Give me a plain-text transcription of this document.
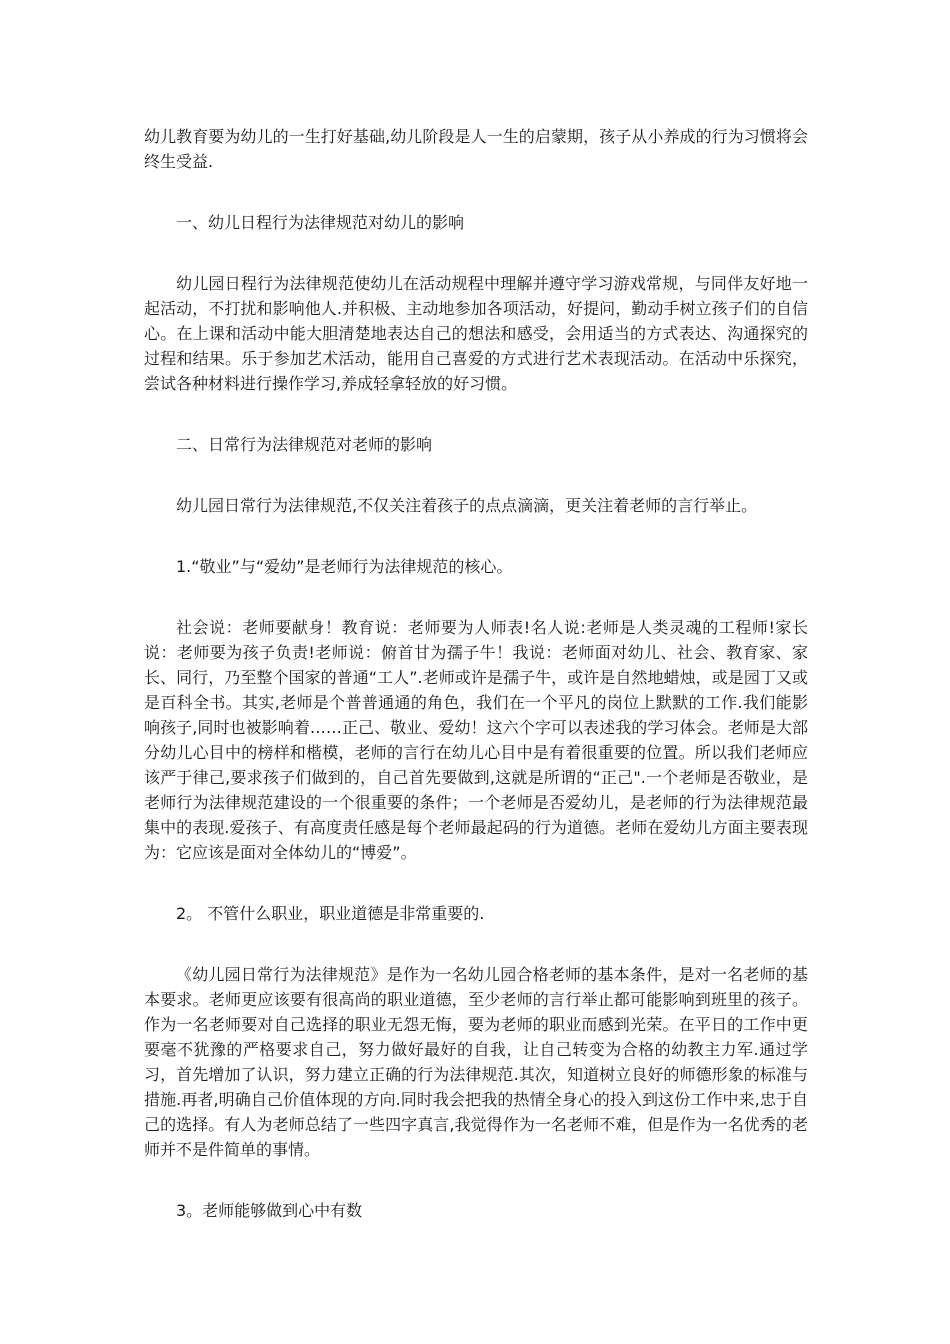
幼儿教育要为幼儿的一生打好基础,幼儿阶段是人一生的启蒙期，孩子从小养成的行为习惯将会终生受益.

一、幼儿日程行为法律规范对幼儿的影响

幼儿园日程行为法律规范使幼儿在活动规程中理解并遵守学习游戏常规，与同伴友好地一起活动，不打扰和影响他人.并积极、主动地参加各项活动，好提问，勤动手树立孩子们的自信心。在上课和活动中能大胆清楚地表达自己的想法和感受，会用适当的方式表达、沟通探究的过程和结果。乐于参加艺术活动，能用自己喜爱的方式进行艺术表现活动。在活动中乐探究，尝试各种材料进行操作学习,养成轻拿轻放的好习惯。

二、日常行为法律规范对老师的影响

幼儿园日常行为法律规范,不仅关注着孩子的点点滴滴，更关注着老师的言行举止。

1.“敬业”与“爱幼”是老师行为法律规范的核心。

社会说：老师要献身！教育说：老师要为人师表!名人说:老师是人类灵魂的工程师!家长说：老师要为孩子负责!老师说：俯首甘为孺子牛！我说：老师面对幼儿、社会、教育家、家长、同行，乃至整个国家的普通“工人”.老师或许是孺子牛，或许是自然地蜡烛，或是园丁又或是百科全书。其实,老师是个普普通通的角色，我们在一个平凡的岗位上默默的工作.我们能影响孩子,同时也被影响着……正己、敬业、爱幼！这六个字可以表述我的学习体会。老师是大部分幼儿心目中的榜样和楷模，老师的言行在幼儿心目中是有着很重要的位置。所以我们老师应该严于律己,要求孩子们做到的，自己首先要做到,这就是所谓的“正己".一个老师是否敬业，是老师行为法律规范建设的一个很重要的条件；一个老师是否爱幼儿，是老师的行为法律规范最集中的表现.爱孩子、有高度责任感是每个老师最起码的行为道德。老师在爱幼儿方面主要表现为：它应该是面对全体幼儿的“博爱”。

2。 不管什么职业，职业道德是非常重要的.

《幼儿园日常行为法律规范》是作为一名幼儿园合格老师的基本条件，是对一名老师的基本要求。老师更应该要有很高尚的职业道德，至少老师的言行举止都可能影响到班里的孩子。作为一名老师要对自己选择的职业无怨无悔，要为老师的职业而感到光荣。在平日的工作中更要毫不犹豫的严格要求自己，努力做好最好的自我，让自己转变为合格的幼教主力军.通过学习，首先增加了认识，努力建立正确的行为法律规范.其次，知道树立良好的师德形象的标准与措施.再者,明确自己价值体现的方向.同时我会把我的热情全身心的投入到这份工作中来,忠于自己的选择。有人为老师总结了一些四字真言,我觉得作为一名老师不难，但是作为一名优秀的老师并不是件简单的事情。

3。老师能够做到心中有数
